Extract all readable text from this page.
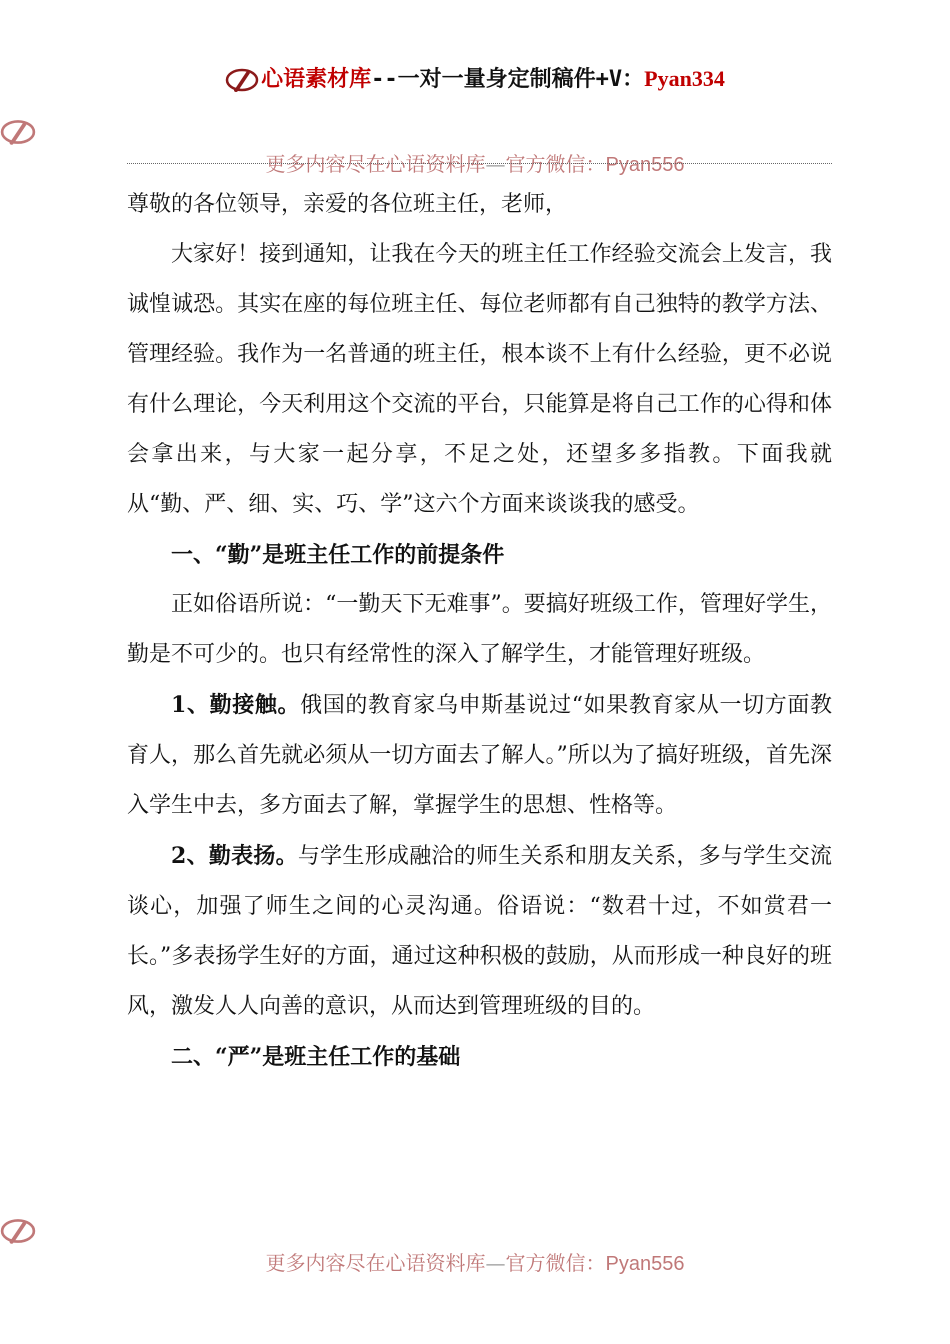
心语素材库--一对一量身定制稿件+V：Pyan334
更多内容尽在心语资料库—官方微信：Pyan556

尊敬的各位领导，亲爱的各位班主任，老师，

大家好！接到通知，让我在今天的班主任工作经验交流会上发言，我诚惶诚恐。其实在座的每位班主任、每位老师都有自己独特的教学方法、管理经验。我作为一名普通的班主任，根本谈不上有什么经验，更不必说有什么理论，今天利用这个交流的平台，只能算是将自己工作的心得和体会拿出来，与大家一起分享，不足之处，还望多多指教。下面我就从“勤、严、细、实、巧、学”这六个方面来谈谈我的感受。

一、“勤”是班主任工作的前提条件

正如俗语所说：“一勤天下无难事”。要搞好班级工作，管理好学生，勤是不可少的。也只有经常性的深入了解学生，才能管理好班级。

1、勤接触。俄国的教育家乌申斯基说过“如果教育家从一切方面教育人，那么首先就必须从一切方面去了解人。”所以为了搞好班级，首先深入学生中去，多方面去了解，掌握学生的思想、性格等。

2、勤表扬。与学生形成融洽的师生关系和朋友关系，多与学生交流谈心，加强了师生之间的心灵沟通。俗语说：“数君十过，不如赏君一长。”多表扬学生好的方面，通过这种积极的鼓励，从而形成一种良好的班风，激发人人向善的意识，从而达到管理班级的目的。

二、“严”是班主任工作的基础

更多内容尽在心语资料库—官方微信：Pyan556
